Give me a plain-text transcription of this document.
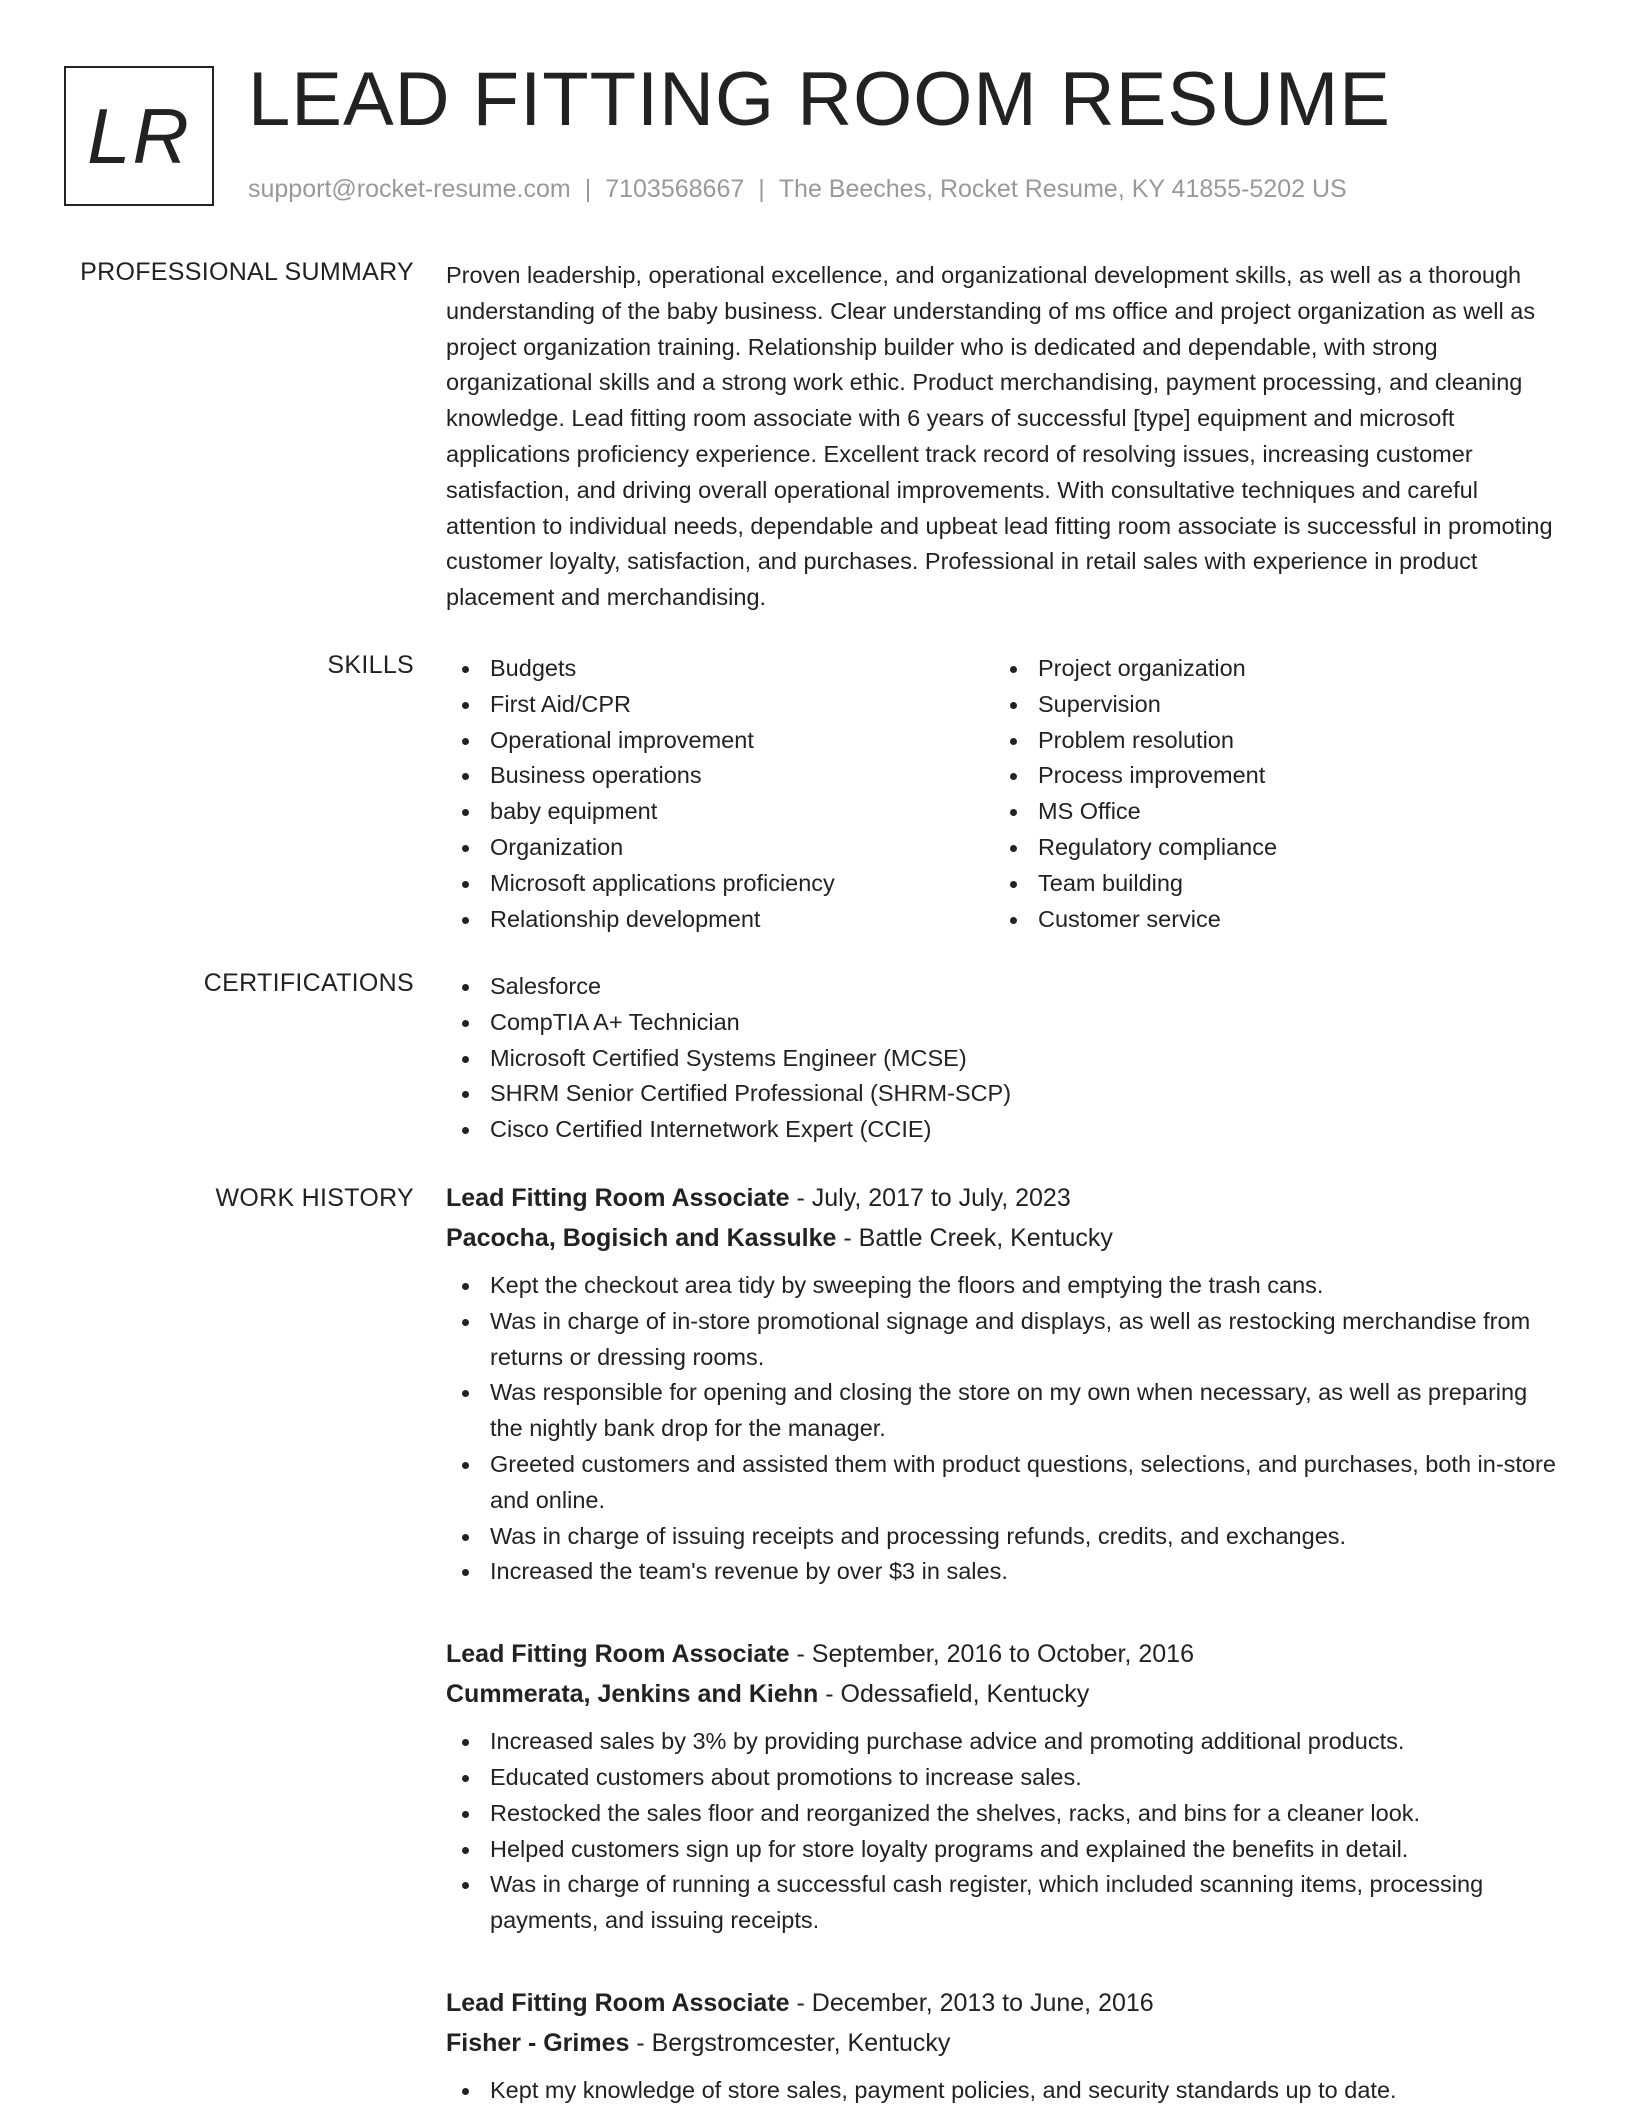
LR LEAD FITTING ROOM RESUME
support@rocket-resume.com | 7103568667 | The Beeches, Rocket Resume, KY 41855-5202 US
PROFESSIONAL SUMMARY Proven leadership, operational excellence, and organizational development skills, as well as a thorough understanding of the baby business. Clear understanding of ms office and project organization as well as project organization training. Relationship builder who is dedicated and dependable, with strong organizational skills and a strong work ethic. Product merchandising, payment processing, and cleaning knowledge. Lead fitting room associate with 6 years of successful [type] equipment and microsoft applications proficiency experience. Excellent track record of resolving issues, increasing customer satisfaction, and driving overall operational improvements. With consultative techniques and careful attention to individual needs, dependable and upbeat lead fitting room associate is successful in promoting customer loyalty, satisfaction, and purchases. Professional in retail sales with experience in product placement and merchandising.

SKILLS	Budgets
First Aid/CPR
Operational improvement
Business operations
baby equipment
Organization
Microsoft applications proficiency
Relationship development
Project organization
Supervision
Problem resolution
Process improvement
MS Office
Regulatory compliance
Team building
Customer service
CERTIFICATIONS	Salesforce
CompTIA A+ Technician
Microsoft Certified Systems Engineer (MCSE)
SHRM Senior Certified Professional (SHRM-SCP)
Cisco Certified Internetwork Expert (CCIE)
WORK HISTORY Lead Fitting Room Associate - July, 2017 to July, 2023
Pacocha, Bogisich and Kassulke - Battle Creek, Kentucky
Kept the checkout area tidy by sweeping the floors and emptying the trash cans.
Was in charge of in-store promotional signage and displays, as well as restocking merchandise from returns or dressing rooms.
Was responsible for opening and closing the store on my own when necessary, as well as preparing the nightly bank drop for the manager.
Greeted customers and assisted them with product questions, selections, and purchases, both in-store and online.
Was in charge of issuing receipts and processing refunds, credits, and exchanges.
Increased the team's revenue by over $3 in sales.
Lead Fitting Room Associate - September, 2016 to October, 2016
Cummerata, Jenkins and Kiehn - Odessafield, Kentucky
Increased sales by 3% by providing purchase advice and promoting additional products.
Educated customers about promotions to increase sales.
Restocked the sales floor and reorganized the shelves, racks, and bins for a cleaner look.
Helped customers sign up for store loyalty programs and explained the benefits in detail.
Was in charge of running a successful cash register, which included scanning items, processing payments, and issuing receipts.
Lead Fitting Room Associate - December, 2013 to June, 2016
Fisher - Grimes - Bergstromcester, Kentucky
Kept my knowledge of store sales, payment policies, and security standards up to date.
